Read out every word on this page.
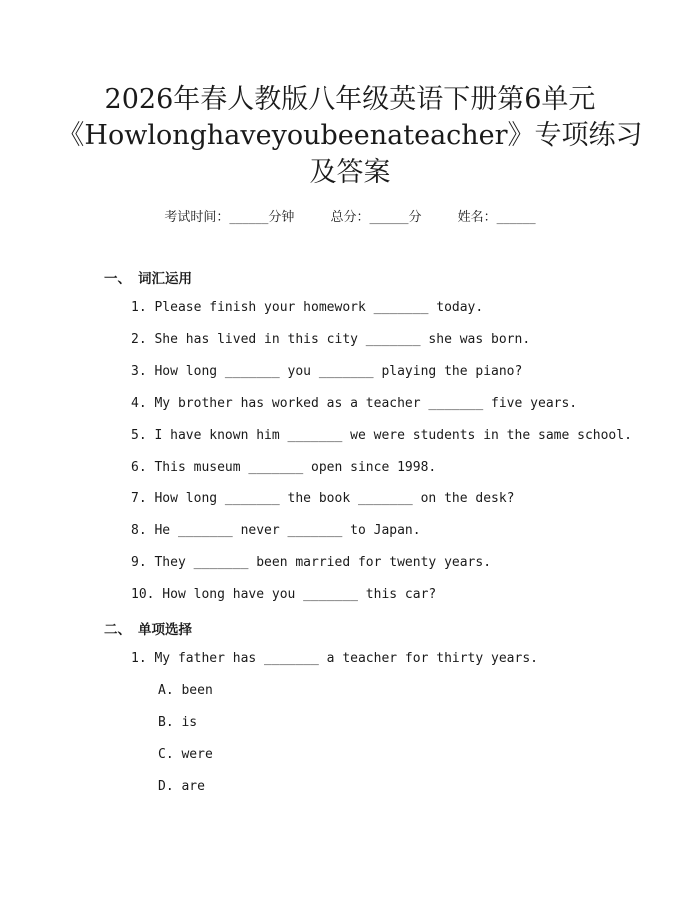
2026年春人教版八年级英语下册第6单元
《Howlonghaveyoubeenateacher》专项练习
及答案
考试时间：______分钟	总分：______分	姓名：______
一、 词汇运用
1. Please finish your homework _______ today.
2. She has lived in this city _______ she was born.
3. How long _______ you _______ playing the piano?
4. My brother has worked as a teacher _______ five years.
5. I have known him _______ we were students in the same school.
6. This museum _______ open since 1998.
7. How long _______ the book _______ on the desk?
8. He _______ never _______ to Japan.
9. They _______ been married for twenty years.
10. How long have you _______ this car?
二、 单项选择
1. My father has _______ a teacher for thirty years.
A. been
B. is
C. were
D. are
